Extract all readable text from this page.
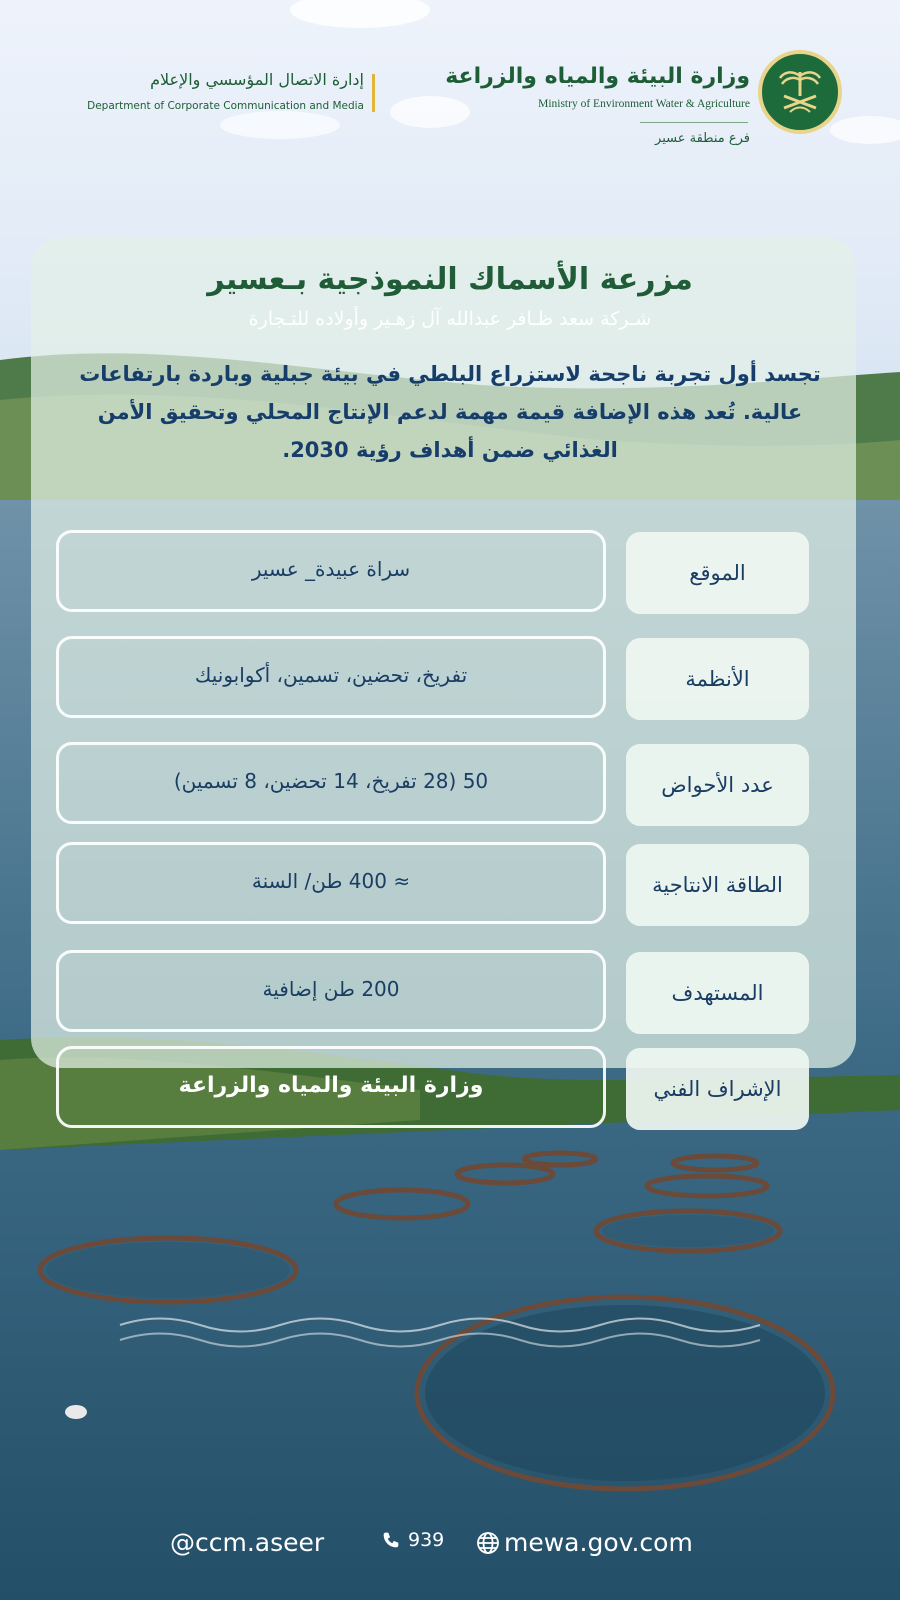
وزارة البيئة والمياه والزراعة
Ministry of Environment Water & Agriculture
فرع منطقة عسير
إدارة الاتصال المؤسسي والإعلام
Department of Corporate Communication and Media
مزرعة الأسماك النموذجية بـعسير
شـركة سعد ظـافر عبدالله آل زهـير وأولاده للتـجارة
تجسد أول تجربة ناجحة لاستزراع البلطي في بيئة جبلية وباردة بارتفاعات عالية. تُعد هذه الإضافة قيمة مهمة لدعم الإنتاج المحلي وتحقيق الأمن الغذائي ضمن أهداف رؤية 2030.
الموقع
سراة عبيدة_ عسير
الأنظمة
تفريخ، تحضين، تسمين، أكوابونيك
عدد الأحواض
50 (28 تفريخ، 14 تحضين، 8 تسمين)
الطاقة الانتاجية
≈ 400 طن/ السنة
المستهدف
200 طن إضافية
الإشراف الفني
وزارة البيئة والمياه والزراعة
@ccm.aseer	939 mewa.gov.com
